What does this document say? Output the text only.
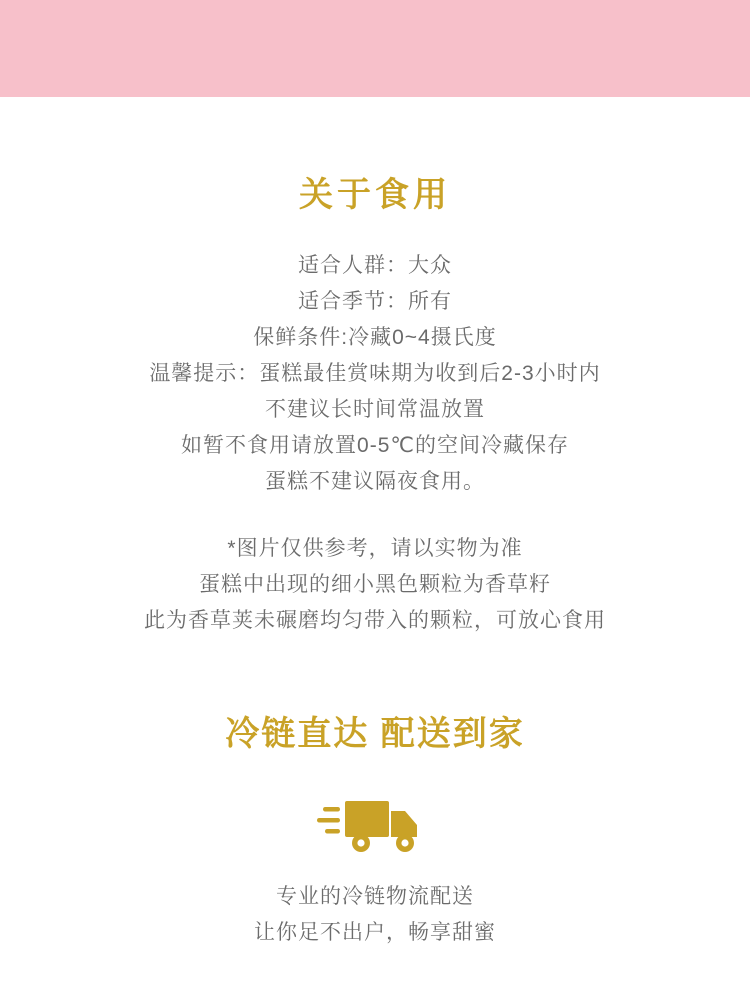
关于食用
适合人群：大众
适合季节：所有
保鲜条件:冷藏0~4摄氏度
温馨提示：蛋糕最佳赏味期为收到后2-3小时内
不建议长时间常温放置
如暂不食用请放置0-5℃的空间冷藏保存
蛋糕不建议隔夜食用。
*图片仅供参考，请以实物为准
蛋糕中出现的细小黑色颗粒为香草籽
此为香草荚未碾磨均匀带入的颗粒，可放心食用
冷链直达 配送到家
专业的冷链物流配送
让你足不出户，畅享甜蜜
